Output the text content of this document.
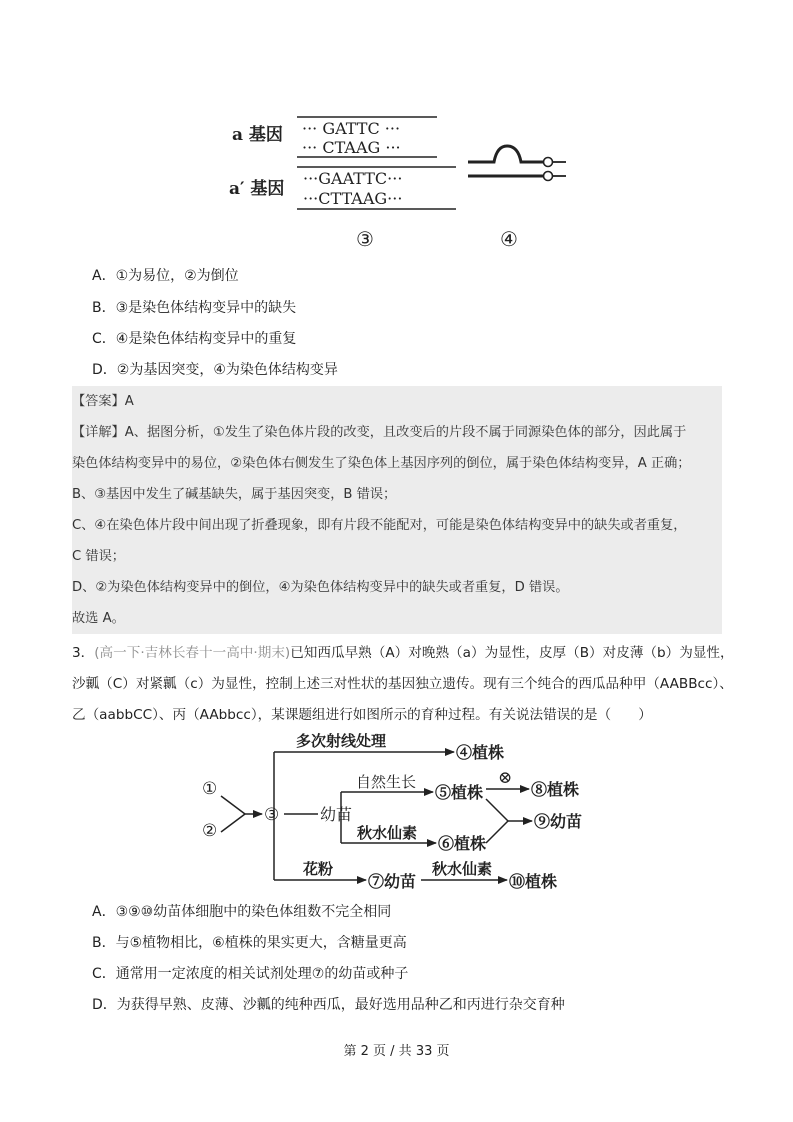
a 基因 ··· GATTC ···
··· CTAAG ···
a′ 基因
···GAATTC···
···CTTAAG···
③	④
A．①为易位，②为倒位
B．③是染色体结构变异中的缺失
C．④是染色体结构变异中的重复
D．②为基因突变，④为染色体结构变异
【答案】A
【详解】A、据图分析，①发生了染色体片段的改变，且改变后的片段不属于同源染色体的部分，因此属于
染色体结构变异中的易位，②染色体右侧发生了染色体上基因序列的倒位，属于染色体结构变异，A 正确；
B、③基因中发生了碱基缺失，属于基因突变，B 错误；
C、④在染色体片段中间出现了折叠现象，即有片段不能配对，可能是染色体结构变异中的缺失或者重复，
C 错误；
D、②为染色体结构变异中的倒位，④为染色体结构变异中的缺失或者重复，D 错误。
故选 A。
3．(高一下·吉林长春十一高中·期末)已知西瓜早熟（A）对晚熟（a）为显性，皮厚（B）对皮薄（b）为显性，
沙瓤（C）对紧瓤（c）为显性，控制上述三对性状的基因独立遗传。现有三个纯合的西瓜品种甲（AABBcc）、
乙（aabbCC）、丙（AAbbcc），某课题组进行如图所示的育种过程。有关说法错误的是（　　）
①
②
③	幼苗
多次射线处理
④植株
自然生长
⑤植株
秋水仙素
⑥植株
⊗
⑧植株
⑨幼苗
花粉
⑦幼苗
秋水仙素
⑩植株
A．③⑨⑩幼苗体细胞中的染色体组数不完全相同
B．与⑤植物相比，⑥植株的果实更大，含糖量更高
C．通常用一定浓度的相关试剂处理⑦的幼苗或种子
D．为获得早熟、皮薄、沙瓤的纯种西瓜，最好选用品种乙和丙进行杂交育种
第 2 页 / 共 33 页
